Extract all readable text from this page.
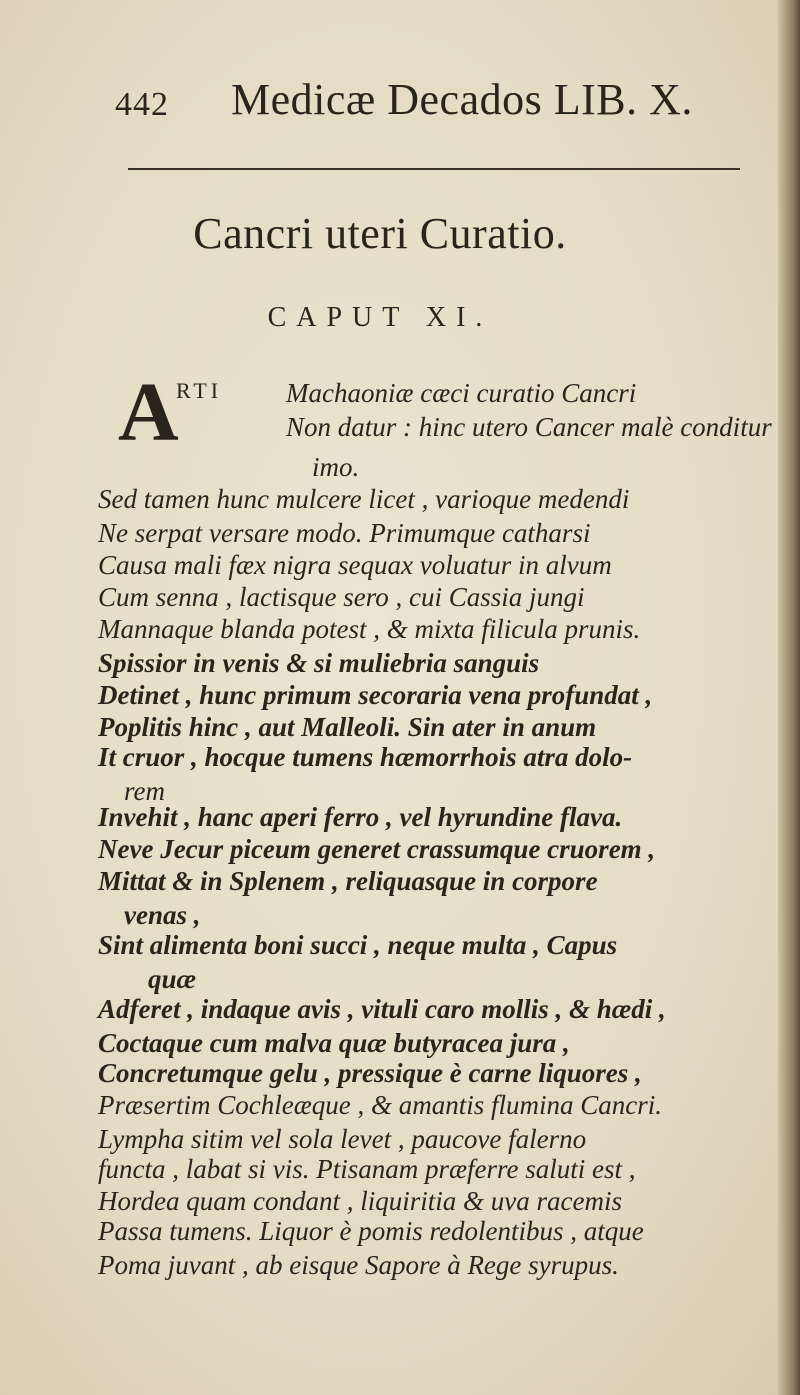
442 Medicæ Decados LIB. X.
Cancri uteri Curatio.
CAPUT XI.
A
RTI Machaoniæ cæci curatio Cancri
Non datur : hinc utero Cancer malè conditur
imo.
Sed tamen hunc mulcere licet , varioque medendi
Ne serpat versare modo. Primumque catharsi
Causa mali fæx nigra sequax voluatur in alvum
Cum senna , lactisque sero , cui Cassia jungi
Mannaque blanda potest , & mixta filicula prunis.
Spissior in venis & si muliebria sanguis
Detinet , hunc primum secoraria vena profundat ,
Poplitis hinc , aut Malleoli. Sin ater in anum
It cruor , hocque tumens hæmorrhois atra dolo-
rem
Invehit , hanc aperi ferro , vel hyrundine flava.
Neve Jecur piceum generet crassumque cruorem ,
Mittat & in Splenem , reliquasque in corpore
venas ,
Sint alimenta boni succi , neque multa , Capus
quæ
Adferet , indaque avis , vituli caro mollis , & hædi ,
Coctaque cum malva quæ butyracea jura ,
Concretumque gelu , pressique è carne liquores ,
Præsertim Cochleæque , & amantis flumina Cancri.
Lympha sitim vel sola levet , paucove falerno
functa , labat si vis. Ptisanam præferre saluti est ,
Hordea quam condant , liquiritia & uva racemis
Passa tumens. Liquor è pomis redolentibus , atque
Poma juvant , ab eisque Sapore à Rege syrupus.
